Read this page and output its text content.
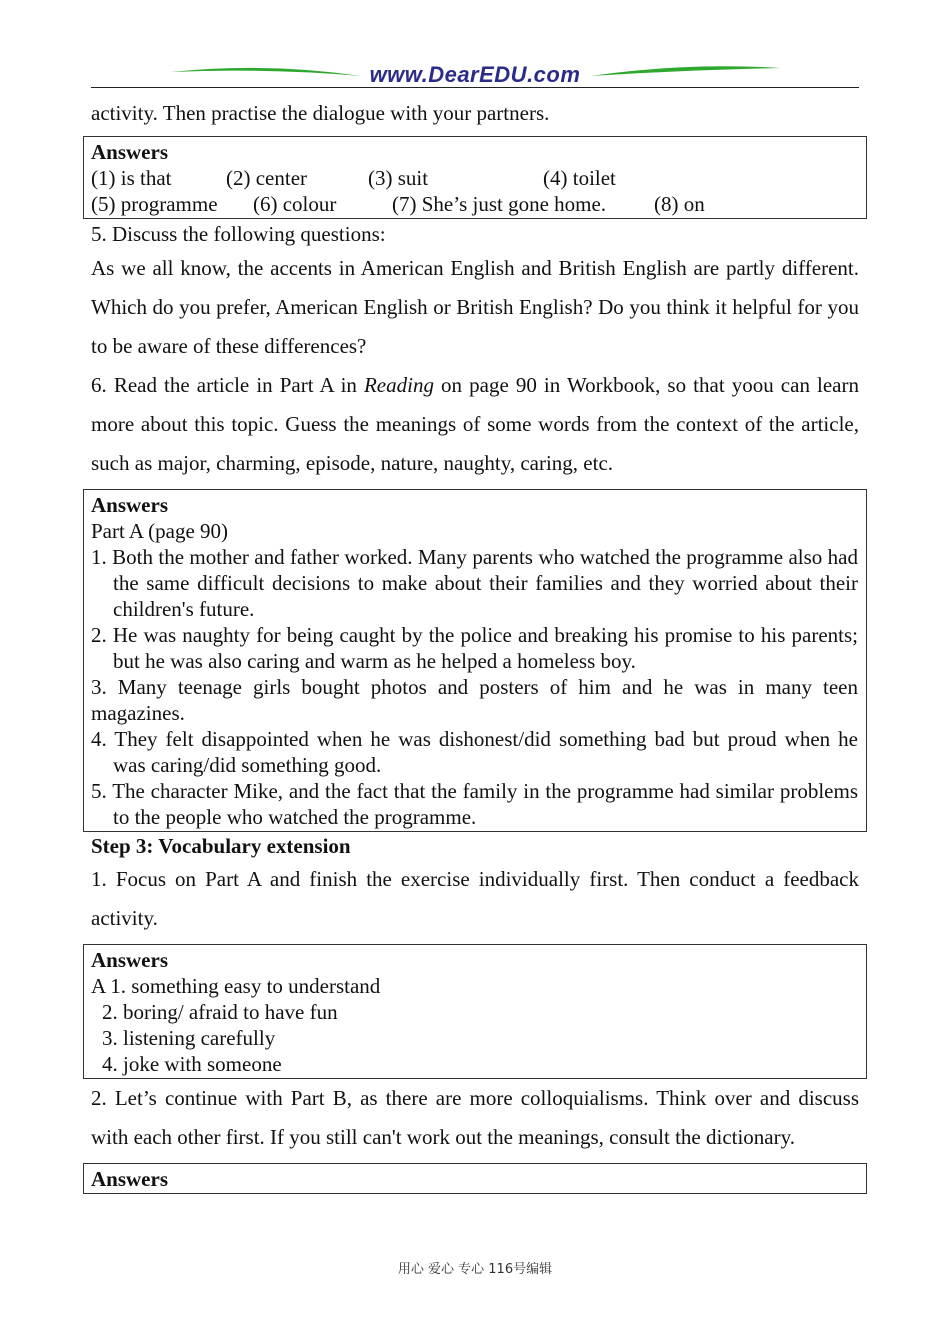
www.DearEDU.com

activity. Then practise the dialogue with your partners.

Answers
(1) is that	(2) center	(3) suit	(4) toilet
(5) programme	(6) colour	(7) She’s just gone home.	(8) on

5. Discuss the following questions:

As we all know, the accents in American English and British English are partly different. Which do you prefer, American English or British English? Do you think it helpful for you to be aware of these differences?

6. Read the article in Part A in Reading on page 90 in Workbook, so that yoou can learn more about this topic. Guess the meanings of some words from the context of the article, such as major, charming, episode, nature, naughty, caring, etc.

Answers
Part A (page 90)
1. Both the mother and father worked. Many parents who watched the programme also had the same difficult decisions to make about their families and they worried about their children's future.
2. He was naughty for being caught by the police and breaking his promise to his parents; but he was also caring and warm as he helped a homeless boy.
3. Many teenage girls bought photos and posters of him and he was in many teen magazines.
4. They felt disappointed when he was dishonest/did something bad but proud when he was caring/did something good.
5. The character Mike, and the fact that the family in the programme had similar problems to the people who watched the programme.
Step 3: Vocabulary extension

1. Focus on Part A and finish the exercise individually first. Then conduct a feedback activity.

Answers
A 1. something easy to understand
2. boring/ afraid to have fun
3. listening carefully
4. joke with someone

2. Let’s continue with Part B, as there are more colloquialisms. Think over and discuss with each other first. If you still can't work out the meanings, consult the dictionary.

Answers
用心 爱心 专心 116号编辑
